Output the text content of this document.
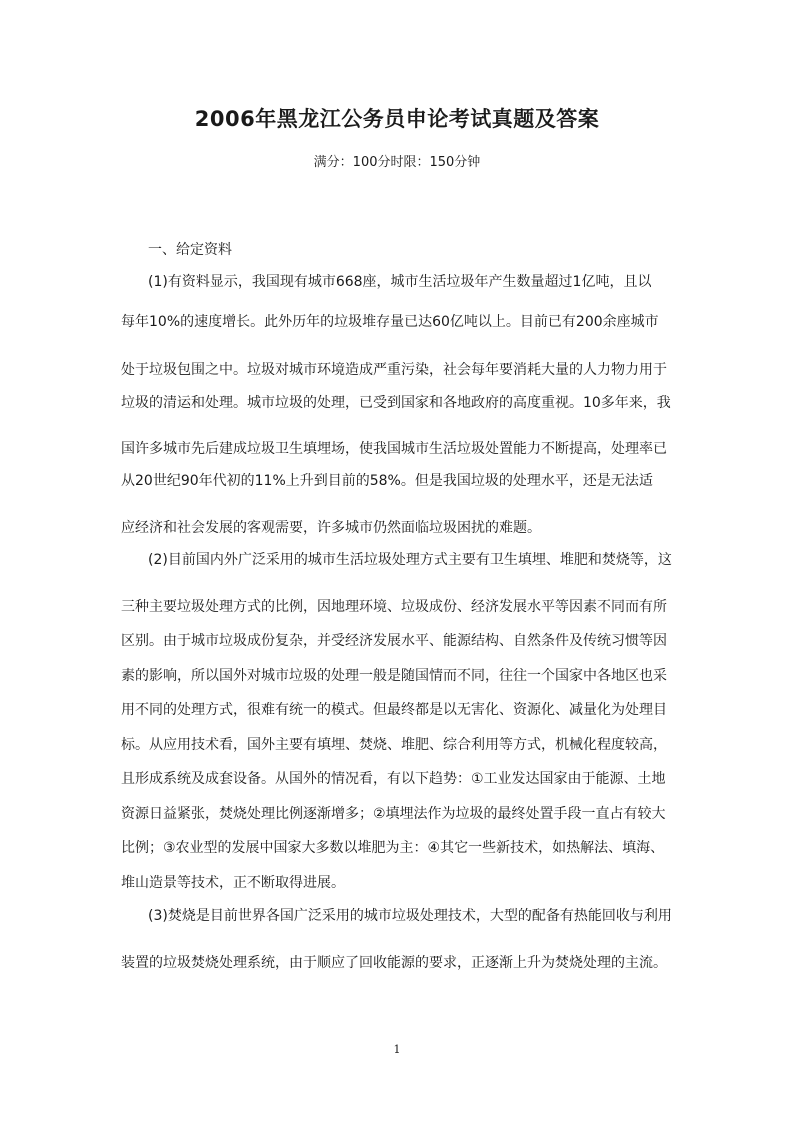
2006年黑龙江公务员申论考试真题及答案
满分：100分时限：150分钟
一、给定资料
(1)有资料显示，我国现有城市668座，城市生活垃圾年产生数量超过1亿吨，且以
每年10%的速度增长。此外历年的垃圾堆存量已达60亿吨以上。目前已有200余座城市
处于垃圾包围之中。垃圾对城市环境造成严重污染，社会每年要消耗大量的人力物力用于
垃圾的清运和处理。城市垃圾的处理，已受到国家和各地政府的高度重视。10多年来，我
国许多城市先后建成垃圾卫生填埋场，使我国城市生活垃圾处置能力不断提高，处理率已
从20世纪90年代初的11%上升到目前的58%。但是我国垃圾的处理水平，还是无法适
应经济和社会发展的客观需要，许多城市仍然面临垃圾困扰的难题。
(2)目前国内外广泛采用的城市生活垃圾处理方式主要有卫生填埋、堆肥和焚烧等，这
三种主要垃圾处理方式的比例，因地理环境、垃圾成份、经济发展水平等因素不同而有所
区别。由于城市垃圾成份复杂，并受经济发展水平、能源结构、自然条件及传统习惯等因
素的影响，所以国外对城市垃圾的处理一般是随国情而不同，往往一个国家中各地区也采
用不同的处理方式，很难有统一的模式。但最终都是以无害化、资源化、减量化为处理目
标。从应用技术看，国外主要有填埋、焚烧、堆肥、综合利用等方式，机械化程度较高，
且形成系统及成套设备。从国外的情况看，有以下趋势：①工业发达国家由于能源、土地
资源日益紧张，焚烧处理比例逐渐增多；②填埋法作为垃圾的最终处置手段一直占有较大
比例；③农业型的发展中国家大多数以堆肥为主：④其它一些新技术，如热解法、填海、
堆山造景等技术，正不断取得进展。
(3)焚烧是目前世界各国广泛采用的城市垃圾处理技术，大型的配备有热能回收与利用
装置的垃圾焚烧处理系统，由于顺应了回收能源的要求，正逐渐上升为焚烧处理的主流。
1
